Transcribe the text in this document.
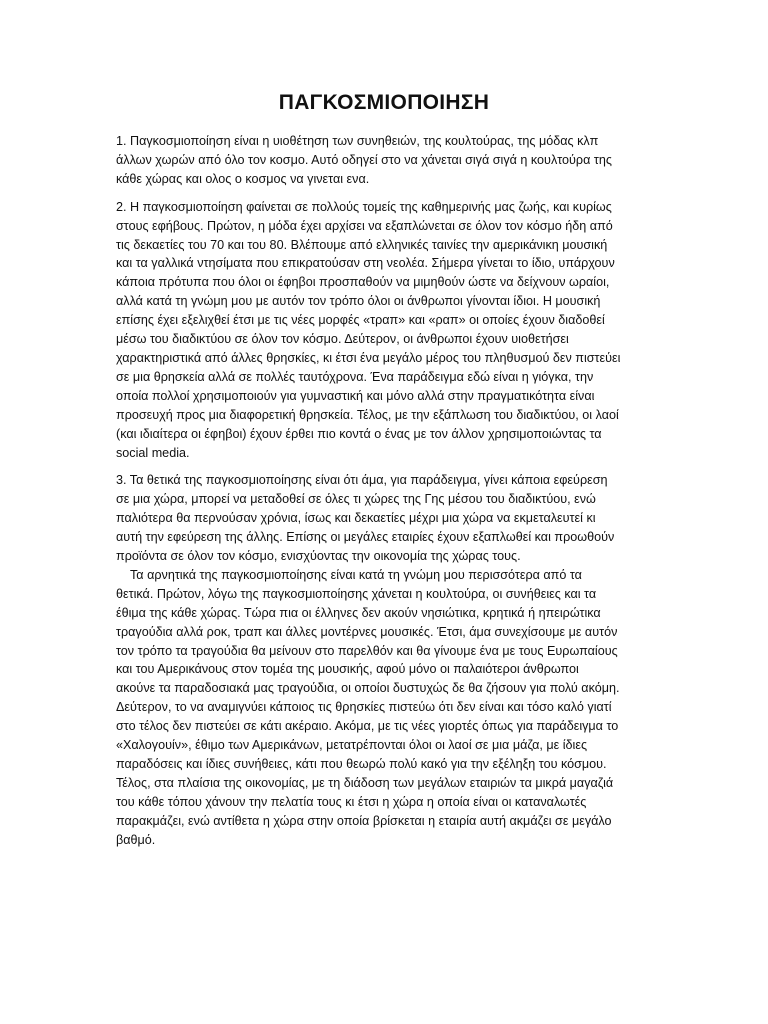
ΠΑΓΚΟΣΜΙΟΠΟΙΗΣΗ

1. Παγκοσμιοποίηση είναι η υιοθέτηση των συνηθειών, της κουλτούρας, της μόδας κλπ
άλλων χωρών από όλο τον κοσμο. Αυτό οδηγεί στο να χάνεται σιγά σιγά η κουλτούρα της
κάθε χώρας και ολος ο κοσμος να γινεται ενα.

2. Η παγκοσμιοποίηση φαίνεται σε πολλούς τομείς της καθημερινής μας ζωής, και κυρίως
στους εφήβους. Πρώτον, η μόδα έχει αρχίσει να εξαπλώνεται σε όλον τον κόσμο ήδη από
τις δεκαετίες του 70 και του 80. Βλέπουμε από ελληνικές ταινίες την αμερικάνικη μουσική
και τα γαλλικά ντησίματα που επικρατούσαν στη νεολέα. Σήμερα γίνεται το ίδιο, υπάρχουν
κάποια πρότυπα που όλοι οι έφηβοι προσπαθούν να μιμηθούν ώστε να δείχνουν ωραίοι,
αλλά κατά τη γνώμη μου με αυτόν τον τρόπο όλοι οι άνθρωποι γίνονται ίδιοι. Η μουσική
επίσης έχει εξελιχθεί έτσι με τις νέες μορφές «τραπ» και «ραπ» οι οποίες έχουν διαδοθεί
μέσω του διαδικτύου σε όλον τον κόσμο. Δεύτερον, οι άνθρωποι έχουν υιοθετήσει
χαρακτηριστικά από άλλες θρησκίες, κι έτσι ένα μεγάλο μέρος του πληθυσμού δεν πιστεύει
σε μια θρησκεία αλλά σε πολλές ταυτόχρονα. Ένα παράδειγμα εδώ είναι η γιόγκα, την
οποία πολλοί χρησιμοποιούν για γυμναστική και μόνο αλλά στην πραγματικότητα είναι
προσευχή προς μια διαφορετική θρησκεία. Τέλος, με την εξάπλωση του διαδικτύου, οι λαοί
(και ιδιαίτερα οι έφηβοι) έχουν έρθει πιο κοντά ο ένας με τον άλλον χρησιμοποιώντας τα
social media.

3. Τα θετικά της παγκοσμιοποίησης είναι ότι άμα, για παράδειγμα, γίνει κάποια εφεύρεση
σε μια χώρα, μπορεί να μεταδοθεί σε όλες τι χώρες της Γης μέσου του διαδικτύου, ενώ
παλιότερα θα περνούσαν χρόνια, ίσως και δεκαετίες μέχρι μια χώρα να εκμεταλευτεί κι
αυτή την εφεύρεση της άλλης. Επίσης οι μεγάλες εταιρίες έχουν εξαπλωθεί και προωθούν
προϊόντα σε όλον τον κόσμο, ενισχύοντας την οικονομία της χώρας τους.

Τα αρνητικά της παγκοσμιοποίησης είναι κατά τη γνώμη μου περισσότερα από τα
θετικά. Πρώτον, λόγω της παγκοσμιοποίησης χάνεται η κουλτούρα, οι συνήθειες και τα
έθιμα της κάθε χώρας. Τώρα πια οι έλληνες δεν ακούν νησιώτικα, κρητικά ή ηπειρώτικα
τραγούδια αλλά ροκ, τραπ και άλλες μοντέρνες μουσικές. Έτσι, άμα συνεχίσουμε με αυτόν
τον τρόπο τα τραγούδια θα μείνουν στο παρελθόν και θα γίνουμε ένα με τους Ευρωπαίους
και του Αμερικάνους στον τομέα της μουσικής, αφού μόνο οι παλαιότεροι άνθρωποι
ακούνε τα παραδοσιακά μας τραγούδια, οι οποίοι δυστυχώς δε θα ζήσουν για πολύ ακόμη.
Δεύτερον, το να αναμιγνύει κάποιος τις θρησκίες πιστεύω ότι δεν είναι και τόσο καλό γιατί
στο τέλος δεν πιστεύει σε κάτι ακέραιο. Ακόμα, με τις νέες γιορτές όπως για παράδειγμα το
«Χαλογουίν», έθιμο των Αμερικάνων, μετατρέπονται όλοι οι λαοί σε μια μάζα, με ίδιες
παραδόσεις και ίδιες συνήθειες, κάτι που θεωρώ πολύ κακό για την εξέληξη του κόσμου.
Τέλος, στα πλαίσια της οικονομίας, με τη διάδοση των μεγάλων εταιριών τα μικρά μαγαζιά
του κάθε τόπου χάνουν την πελατία τους κι έτσι η χώρα η οποία είναι οι καταναλωτές
παρακμάζει, ενώ αντίθετα η χώρα στην οποία βρίσκεται η εταιρία αυτή ακμάζει σε μεγάλο
βαθμό.
